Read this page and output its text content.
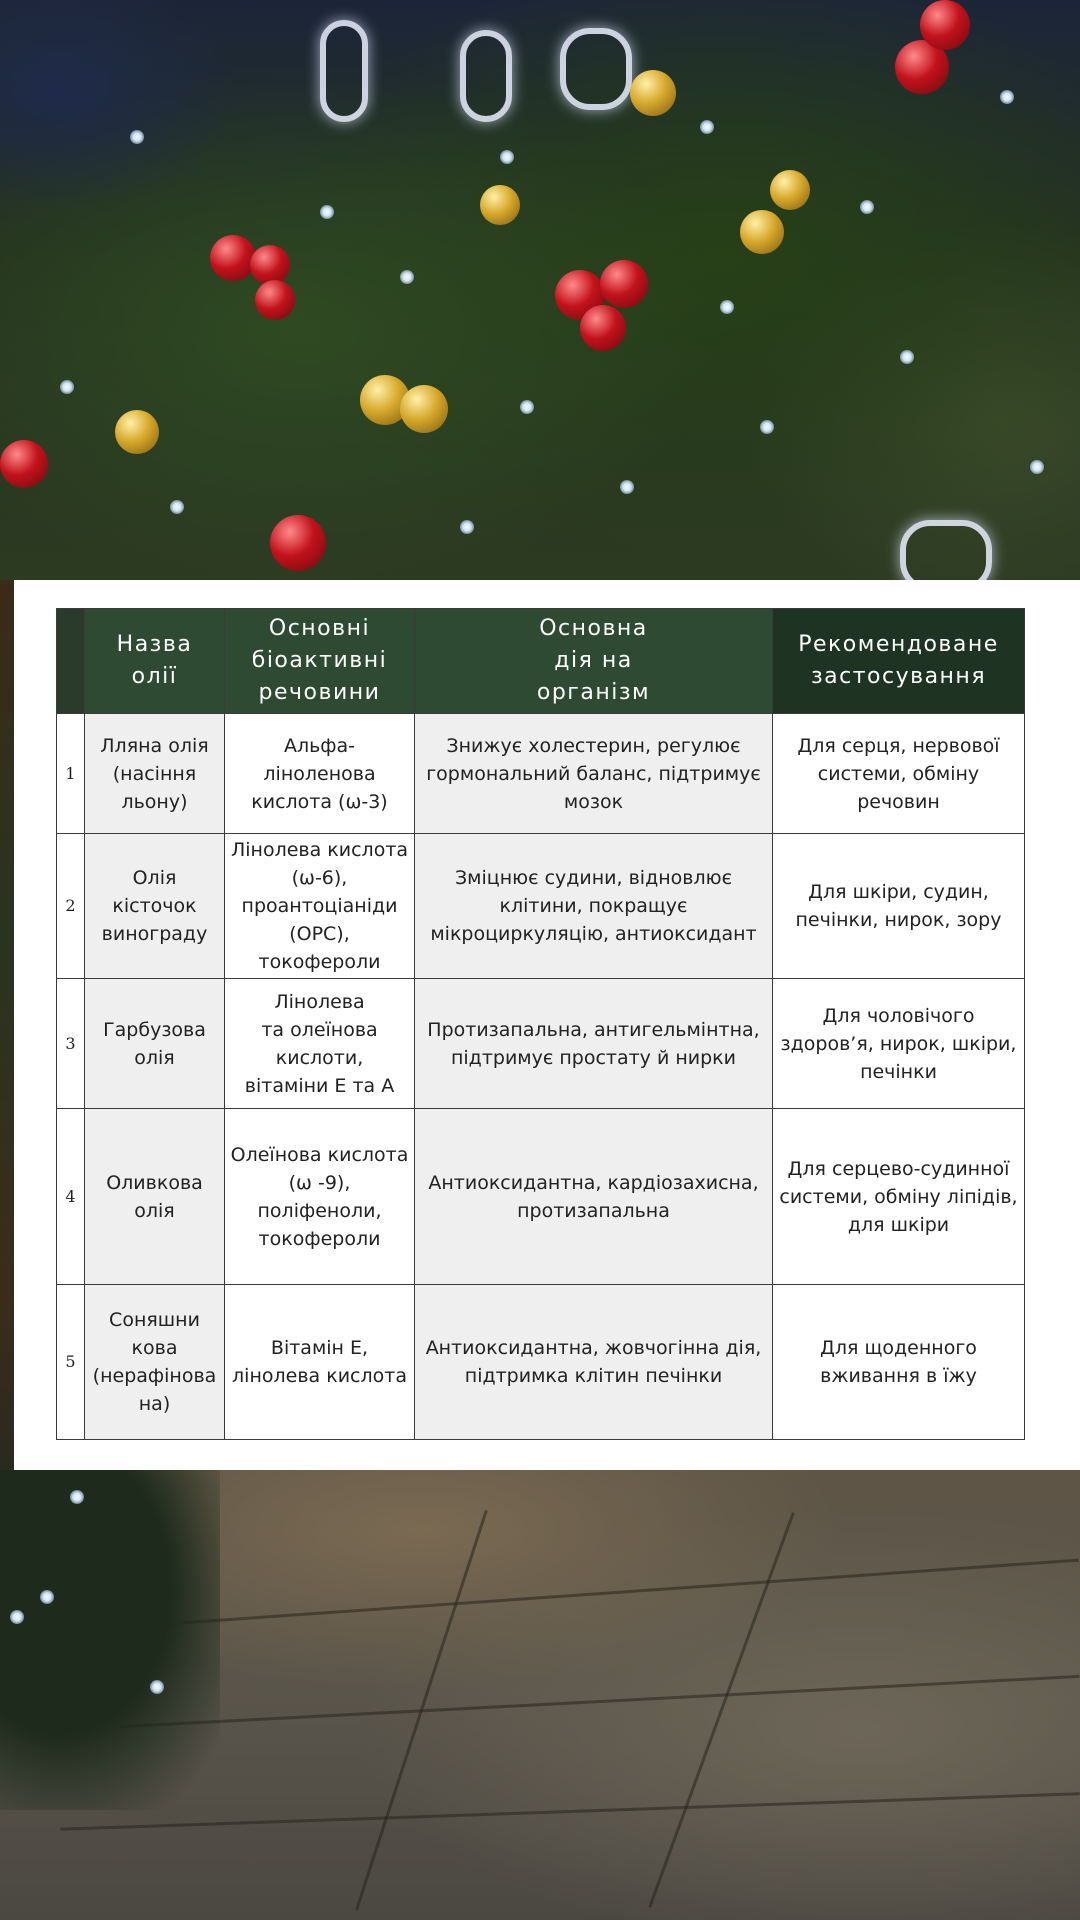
	Назва
олії	Основні
біоактивні
речовини	Основна
дія на
організм	Рекомендоване
застосування
1	Лляна олія
(насіння
льону)	Альфа-
ліноленова
кислота (ω-3)	Знижує холестерин, регулює
гормональний баланс, підтримує
мозок	Для серця, нервової
системи, обміну
речовин
2	Олія кісточок
винограду	Лінолева кислота
(ω-6),
проантоціаніди
(OPC),
токофероли	Зміцнює судини, відновлює
клітини, покращує
мікроциркуляцію, антиоксидант	Для шкіри, судин,
печінки, нирок, зору
3	Гарбузова
олія	Лінолева
та олеїнова
кислоти,
вітаміни Е та А	Протизапальна, антигельмінтна,
підтримує простату й нирки	Для чоловічого
здоров’я, нирок, шкіри,
печінки
4	Оливкова
олія	Олеїнова кислота
(ω -9),
поліфеноли,
токофероли	Антиоксидантна, кардіозахисна,
протизапальна	Для серцево-судинної
системи, обміну ліпідів,
для шкіри
5	Соняшни
кова
(нерафінова
на)	Вітамін Е,
лінолева кислота	Антиоксидантна, жовчогінна дія,
підтримка клітин печінки	Для щоденного
вживання в їжу
